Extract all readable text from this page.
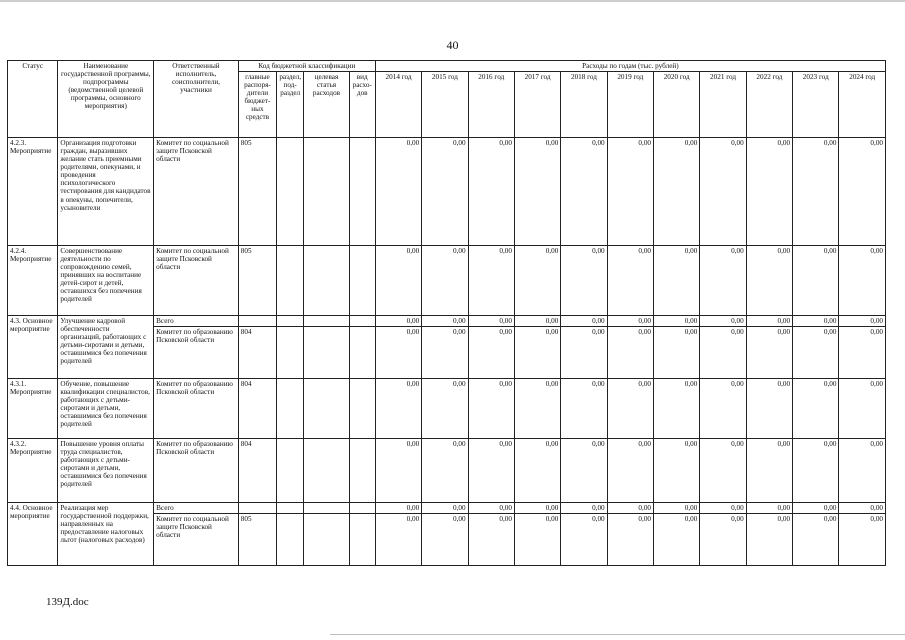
40
Статус	Наименование государственной программы, подпрограммы (ведомственной целевой программы, основного мероприятия)	Ответственный исполнитель, соисполнители, участники	Код бюджетной классификации				Расходы по годам (тыс. рублей)										
			главные распоря-дители бюджет-ных средств	раздел, под-раздел	целевая статья расходов	вид расхо-дов	2014 год	2015 год	2016 год	2017 год	2018 год	2019 год	2020 год	2021 год	2022 год	2023 год	2024 год
4.2.3. Мероприятие	Организация подготовки граждан, выразивших желание стать приемными родителями, опекунами, и проведения психологического тестирования для кандидатов в опекуны, попечители, усыновители	Комитет по социальной защите Псковской области	805				0,00	0,00	0,00	0,00	0,00	0,00	0,00	0,00	0,00	0,00	0,00
4.2.4. Мероприятие	Совершенствование деятельности по сопровождению семей, принявших на воспитание детей-сирот и детей, оставшихся без попечения родителей	Комитет по социальной защите Псковской области	805				0,00	0,00	0,00	0,00	0,00	0,00	0,00	0,00	0,00	0,00	0,00
4.3. Основное мероприятие	Улучшение кадровой обеспеченности организаций, работающих с детьми-сиротами и детьми, оставшимися без попечения родителей	Всего					0,00	0,00	0,00	0,00	0,00	0,00	0,00	0,00	0,00	0,00	0,00
		Комитет по образованию Псковской области	804				0,00	0,00	0,00	0,00	0,00	0,00	0,00	0,00	0,00	0,00	0,00
4.3.1. Мероприятие	Обучение, повышение квалификации специалистов, работающих с детьми-сиротами и детьми, оставшимися без попечения родителей	Комитет по образованию Псковской области	804				0,00	0,00	0,00	0,00	0,00	0,00	0,00	0,00	0,00	0,00	0,00
4.3.2. Мероприятие	Повышение уровня оплаты труда специалистов, работающих с детьми-сиротами и детьми, оставшимися без попечения родителей	Комитет по образованию Псковской области	804				0,00	0,00	0,00	0,00	0,00	0,00	0,00	0,00	0,00	0,00	0,00
4.4. Основное мероприятие	Реализация мер государственной поддержки, направленных на предоставление налоговых льгот (налоговых расходов)	Всего					0,00	0,00	0,00	0,00	0,00	0,00	0,00	0,00	0,00	0,00	0,00
		Комитет по социальной защите Псковской области	805				0,00	0,00	0,00	0,00	0,00	0,00	0,00	0,00	0,00	0,00	0,00
139Д.doc
